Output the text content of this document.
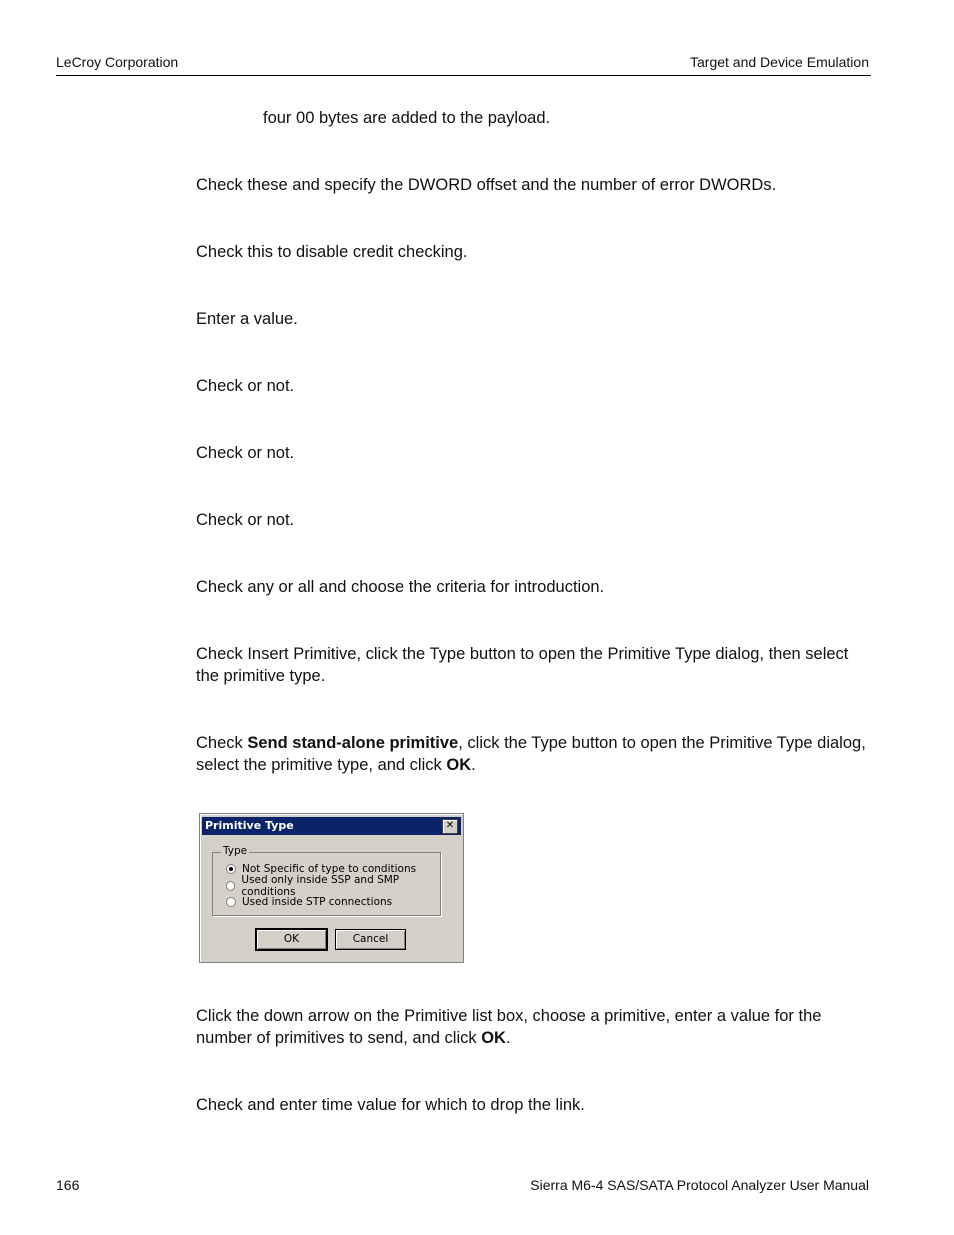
LeCroy Corporation	Target and Device Emulation
four 00 bytes are added to the payload.
Check these and specify the DWORD offset and the number of error DWORDs.
Check this to disable credit checking.
Enter a value.
Check or not.
Check or not.
Check or not.
Check any or all and choose the criteria for introduction.
Check Insert Primitive, click the Type button to open the Primitive Type dialog, then select the primitive type.
Check Send stand-alone primitive, click the Type button to open the Primitive Type dialog, select the primitive type, and click OK.
Primitive Type	✕
Type
Not Specific of type to conditions
Used only inside SSP and SMP conditions
Used inside STP connections
OK	Cancel
Click the down arrow on the Primitive list box, choose a primitive, enter a value for the number of primitives to send, and click OK.
Check and enter time value for which to drop the link.
166	Sierra M6-4 SAS/SATA Protocol Analyzer User Manual
